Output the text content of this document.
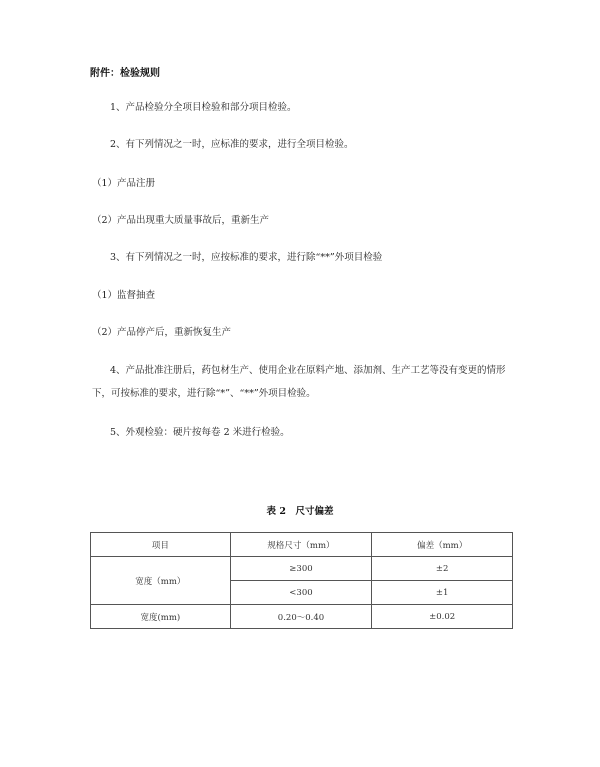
附件：检验规则
1、产品检验分全项目检验和部分项目检验。
2、有下列情况之一时，应标准的要求，进行全项目检验。
（1）产品注册
（2）产品出现重大质量事故后，重新生产
3、有下列情况之一时，应按标准的要求，进行除“**”外项目检验
（1）监督抽查
（2）产品停产后，重新恢复生产
4、产品批准注册后，药包材生产、使用企业在原料产地、添加剂、生产工艺等没有变更的情形下，可按标准的要求，进行除“*”、“**”外项目检验。
5、外观检验：硬片按每卷 2 米进行检验。
表 2　尺寸偏差
项目	规格尺寸（mm）	偏差（mm）
宽度（mm）	≥300	±2
	<300	±1
宽度(mm)	0.20～0.40	±0.02
